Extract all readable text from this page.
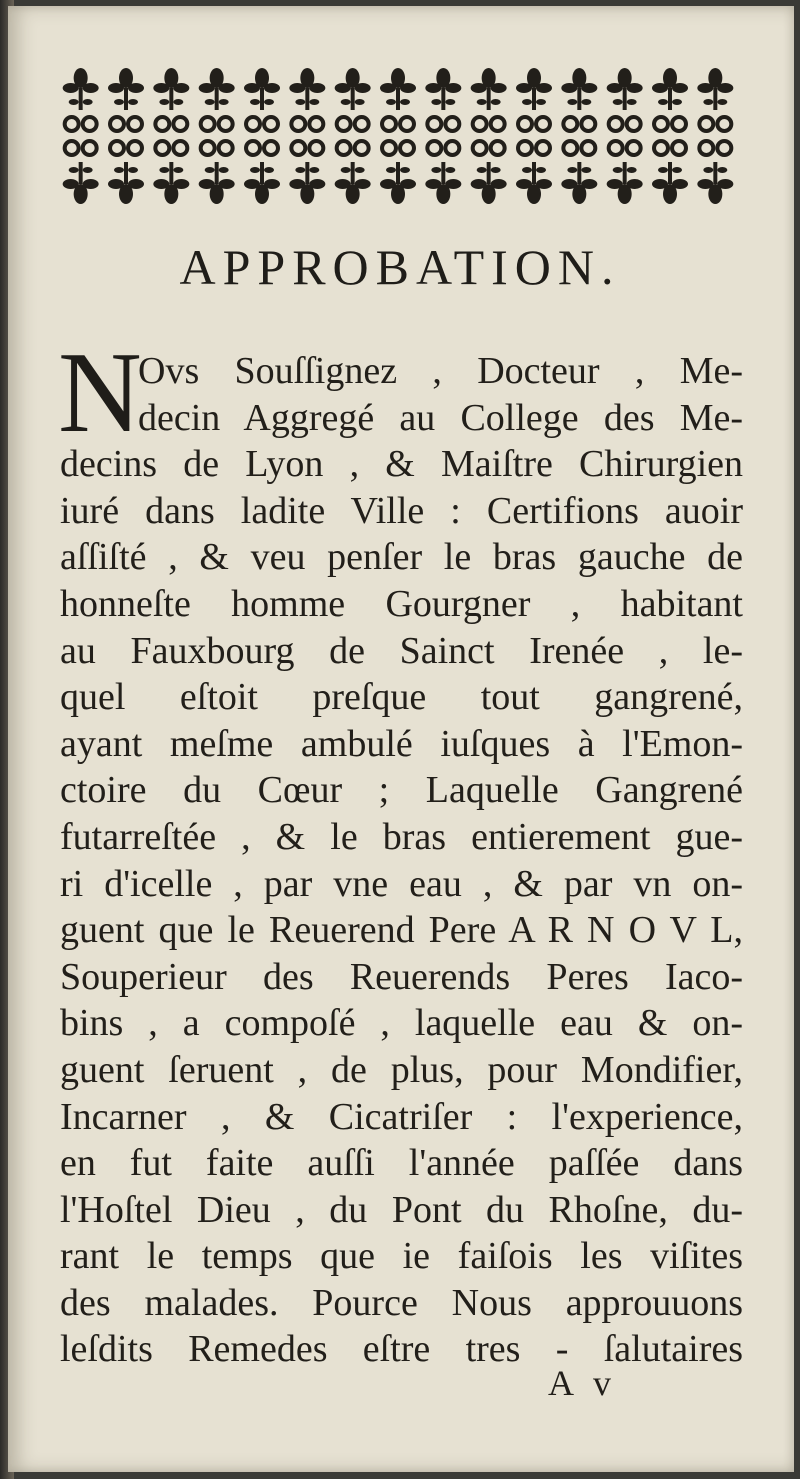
APPROBATION.
N
Ovs Souſſignez , Docteur , Me-
decin Aggregé au College des Me-
decins de Lyon , & Maiſtre Chirurgien
iuré dans ladite Ville : Certifions auoir
aſſiſté , & veu penſer le bras gauche de
honneſte homme Gourgner , habitant
au Fauxbourg de Sainct Irenée , le-
quel eſtoit preſque tout gangrené,
ayant meſme ambulé iuſques à l'Emon-
ctoire du Cœur ; Laquelle Gangrené
futarreſtée , & le bras entierement gue-
ri d'icelle , par vne eau , & par vn on-
guent que le Reuerend Pere A R N O V L,
Souperieur des Reuerends Peres Iaco-
bins , a compoſé , laquelle eau & on-
guent ſeruent , de plus, pour Mondifier,
Incarner , & Cicatriſer : l'experience,
en fut faite auſſi l'année paſſée dans
l'Hoſtel Dieu , du Pont du Rhoſne, du-
rant le temps que ie faiſois les viſites
des malades. Pource Nous approuuons
leſdits Remedes eſtre tres - ſalutaires
A v
